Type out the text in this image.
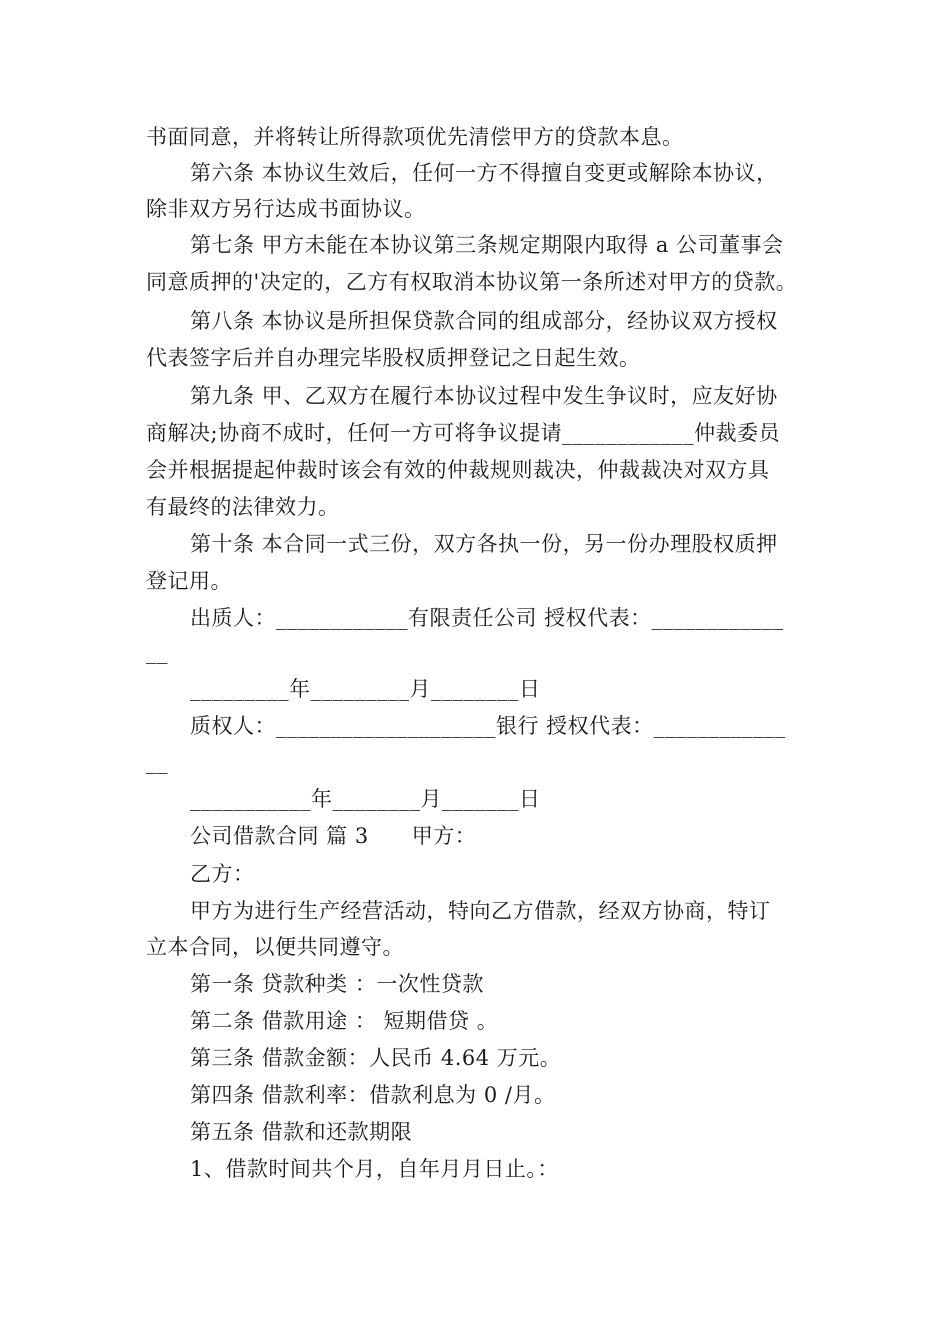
书面同意，并将转让所得款项优先清偿甲方的贷款本息。
第六条 本协议生效后，任何一方不得擅自变更或解除本协议，
除非双方另行达成书面协议。
第七条 甲方未能在本协议第三条规定期限内取得 a 公司董事会
同意质押的'决定的，乙方有权取消本协议第一条所述对甲方的贷款。
第八条 本协议是所担保贷款合同的组成部分，经协议双方授权
代表签字后并自办理完毕股权质押登记之日起生效。
第九条 甲、乙双方在履行本协议过程中发生争议时，应友好协
商解决;协商不成时，任何一方可将争议提请____________仲裁委员
会并根据提起仲裁时该会有效的仲裁规则裁决，仲裁裁决对双方具
有最终的法律效力。
第十条 本合同一式三份，双方各执一份，另一份办理股权质押
登记用。
出质人：____________有限责任公司 授权代表：____________
__
_________年_________月________日
质权人：____________________银行 授权代表：____________
__
___________年________月_______日
公司借款合同 篇 3　　甲方：
乙方：
甲方为进行生产经营活动，特向乙方借款，经双方协商，特订
立本合同，以便共同遵守。
第一条 贷款种类 ：一次性贷款
第二条 借款用途 ： 短期借贷 。
第三条 借款金额：人民币 4.64 万元。
第四条 借款利率：借款利息为 0 /月。
第五条 借款和还款期限
1、借款时间共个月，自年月月日止。：
